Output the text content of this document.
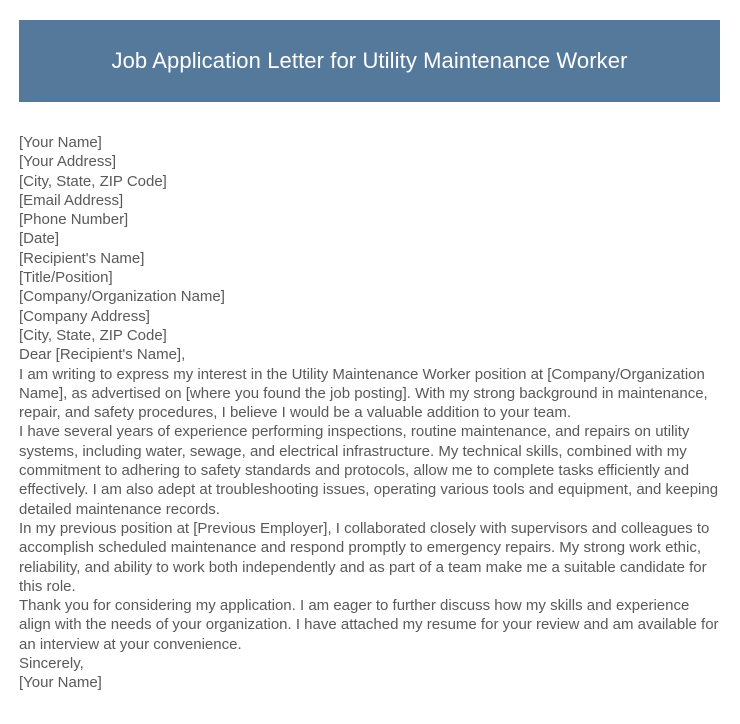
Job Application Letter for Utility Maintenance Worker
[Your Name]
[Your Address]
[City, State, ZIP Code]
[Email Address]
[Phone Number]
[Date]
[Recipient's Name]
[Title/Position]
[Company/Organization Name]
[Company Address]
[City, State, ZIP Code]
Dear [Recipient's Name],

I am writing to express my interest in the Utility Maintenance Worker position at [Company/Organization Name], as advertised on [where you found the job posting]. With my strong background in maintenance, repair, and safety procedures, I believe I would be a valuable addition to your team.

I have several years of experience performing inspections, routine maintenance, and repairs on utility systems, including water, sewage, and electrical infrastructure. My technical skills, combined with my commitment to adhering to safety standards and protocols, allow me to complete tasks efficiently and effectively. I am also adept at troubleshooting issues, operating various tools and equipment, and keeping detailed maintenance records.

In my previous position at [Previous Employer], I collaborated closely with supervisors and colleagues to accomplish scheduled maintenance and respond promptly to emergency repairs. My strong work ethic, reliability, and ability to work both independently and as part of a team make me a suitable candidate for this role.

Thank you for considering my application. I am eager to further discuss how my skills and experience align with the needs of your organization. I have attached my resume for your review and am available for an interview at your convenience.

Sincerely,
[Your Name]
